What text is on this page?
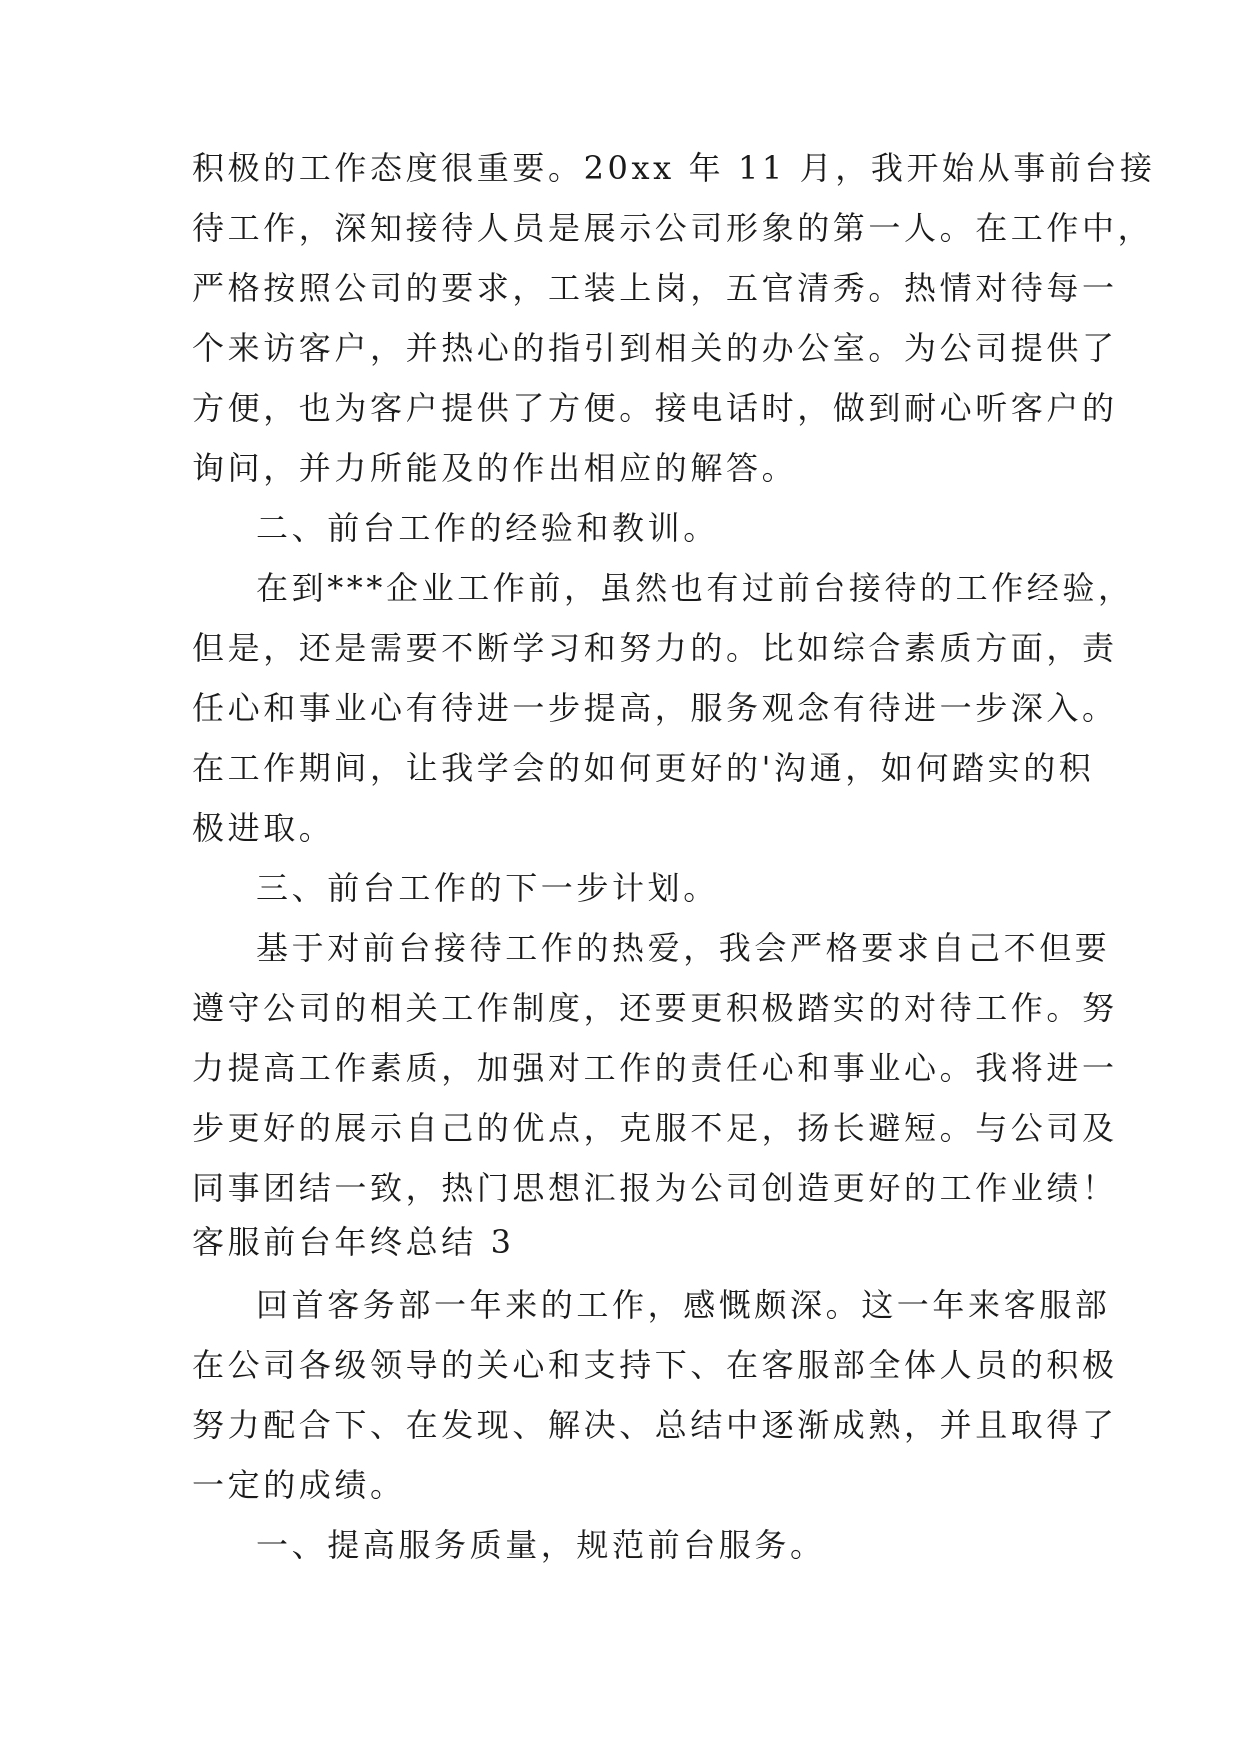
积极的工作态度很重要。20xx 年 11 月，我开始从事前台接
待工作，深知接待人员是展示公司形象的第一人。在工作中，
严格按照公司的要求，工装上岗，五官清秀。热情对待每一
个来访客户，并热心的指引到相关的办公室。为公司提供了
方便，也为客户提供了方便。接电话时，做到耐心听客户的
询问，并力所能及的作出相应的解答。
二、前台工作的经验和教训。
在到***企业工作前，虽然也有过前台接待的工作经验，
但是，还是需要不断学习和努力的。比如综合素质方面，责
任心和事业心有待进一步提高，服务观念有待进一步深入。
在工作期间，让我学会的如何更好的'沟通，如何踏实的积
极进取。
三、前台工作的下一步计划。
基于对前台接待工作的热爱，我会严格要求自己不但要
遵守公司的相关工作制度，还要更积极踏实的对待工作。努
力提高工作素质，加强对工作的责任心和事业心。我将进一
步更好的展示自己的优点，克服不足，扬长避短。与公司及
同事团结一致，热门思想汇报为公司创造更好的工作业绩！
客服前台年终总结 3
回首客务部一年来的工作，感慨颇深。这一年来客服部
在公司各级领导的关心和支持下、在客服部全体人员的积极
努力配合下、在发现、解决、总结中逐渐成熟，并且取得了
一定的成绩。
一、提高服务质量，规范前台服务。
